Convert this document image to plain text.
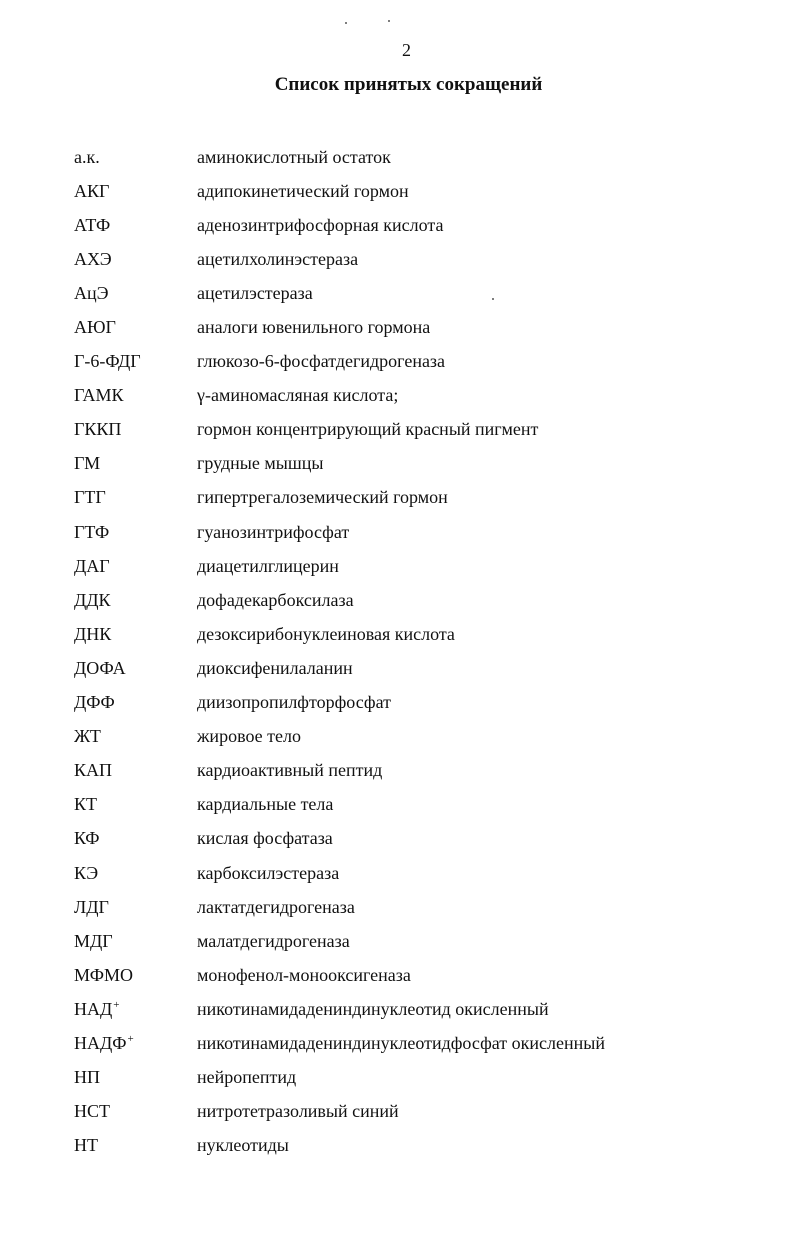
2
Список принятых сокращений
а.к.	аминокислотный остаток
АКГ	адипокинетический гормон
АТФ	аденозинтрифосфорная кислота
АХЭ	ацетилхолинэстераза
АцЭ	ацетилэстераза
АЮГ	аналоги ювенильного гормона
Г-6-ФДГ	глюкозо-6-фосфатдегидрогеназа
ГАМК	γ-аминомасляная кислота;
ГККП	гормон концентрирующий красный пигмент
ГМ	грудные мышцы
ГТГ	гипертрегалоземический гормон
ГТФ	гуанозинтрифосфат
ДАГ	диацетилглицерин
ДДК	дофадекарбоксилаза
ДНК	дезоксирибонуклеиновая кислота
ДОФА	диоксифенилаланин
ДФФ	диизопропилфторфосфат
ЖТ	жировое тело
КАП	кардиоактивный пептид
КТ	кардиальные тела
КФ	кислая фосфатаза
КЭ	карбоксилэстераза
ЛДГ	лактатдегидрогеназа
МДГ	малатдегидрогеназа
МФМО	монофенол-монооксигеназа
НАД+	никотинамидадениндинуклеотид окисленный
НАДФ+	никотинамидадениндинуклеотидфосфат окисленный
НП	нейропептид
НСТ	нитротетразоливый синий
НТ	нуклеотиды
